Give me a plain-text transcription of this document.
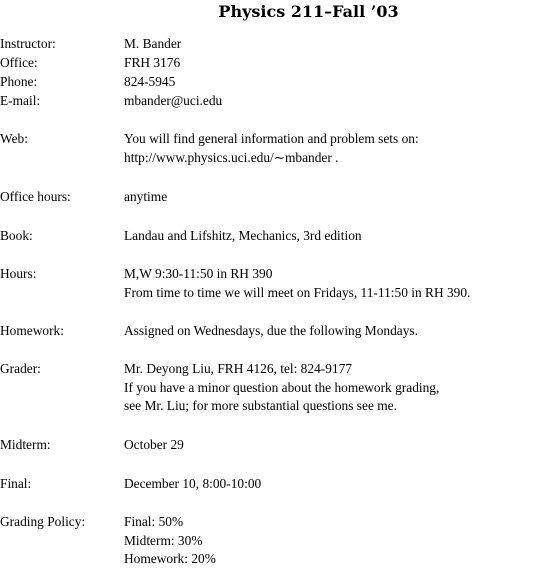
Physics 211–Fall ’03
Instructor:	M. Bander
Office:	FRH 3176
Phone:	824-5945
E-mail:	mbander@uci.edu
Web:	You will find general information and problem sets on:
http://www.physics.uci.edu/∼mbander .
Office hours:	anytime
Book:	Landau and Lifshitz, Mechanics, 3rd edition
Hours:	M,W 9:30-11:50 in RH 390
From time to time we will meet on Fridays, 11-11:50 in RH 390.
Homework:	Assigned on Wednesdays, due the following Mondays.
Grader:	Mr. Deyong Liu, FRH 4126, tel: 824-9177
If you have a minor question about the homework grading,
see Mr. Liu; for more substantial questions see me.
Midterm:	October 29
Final:	December 10, 8:00-10:00
Grading Policy:	Final: 50%
Midterm: 30%
Homework: 20%
